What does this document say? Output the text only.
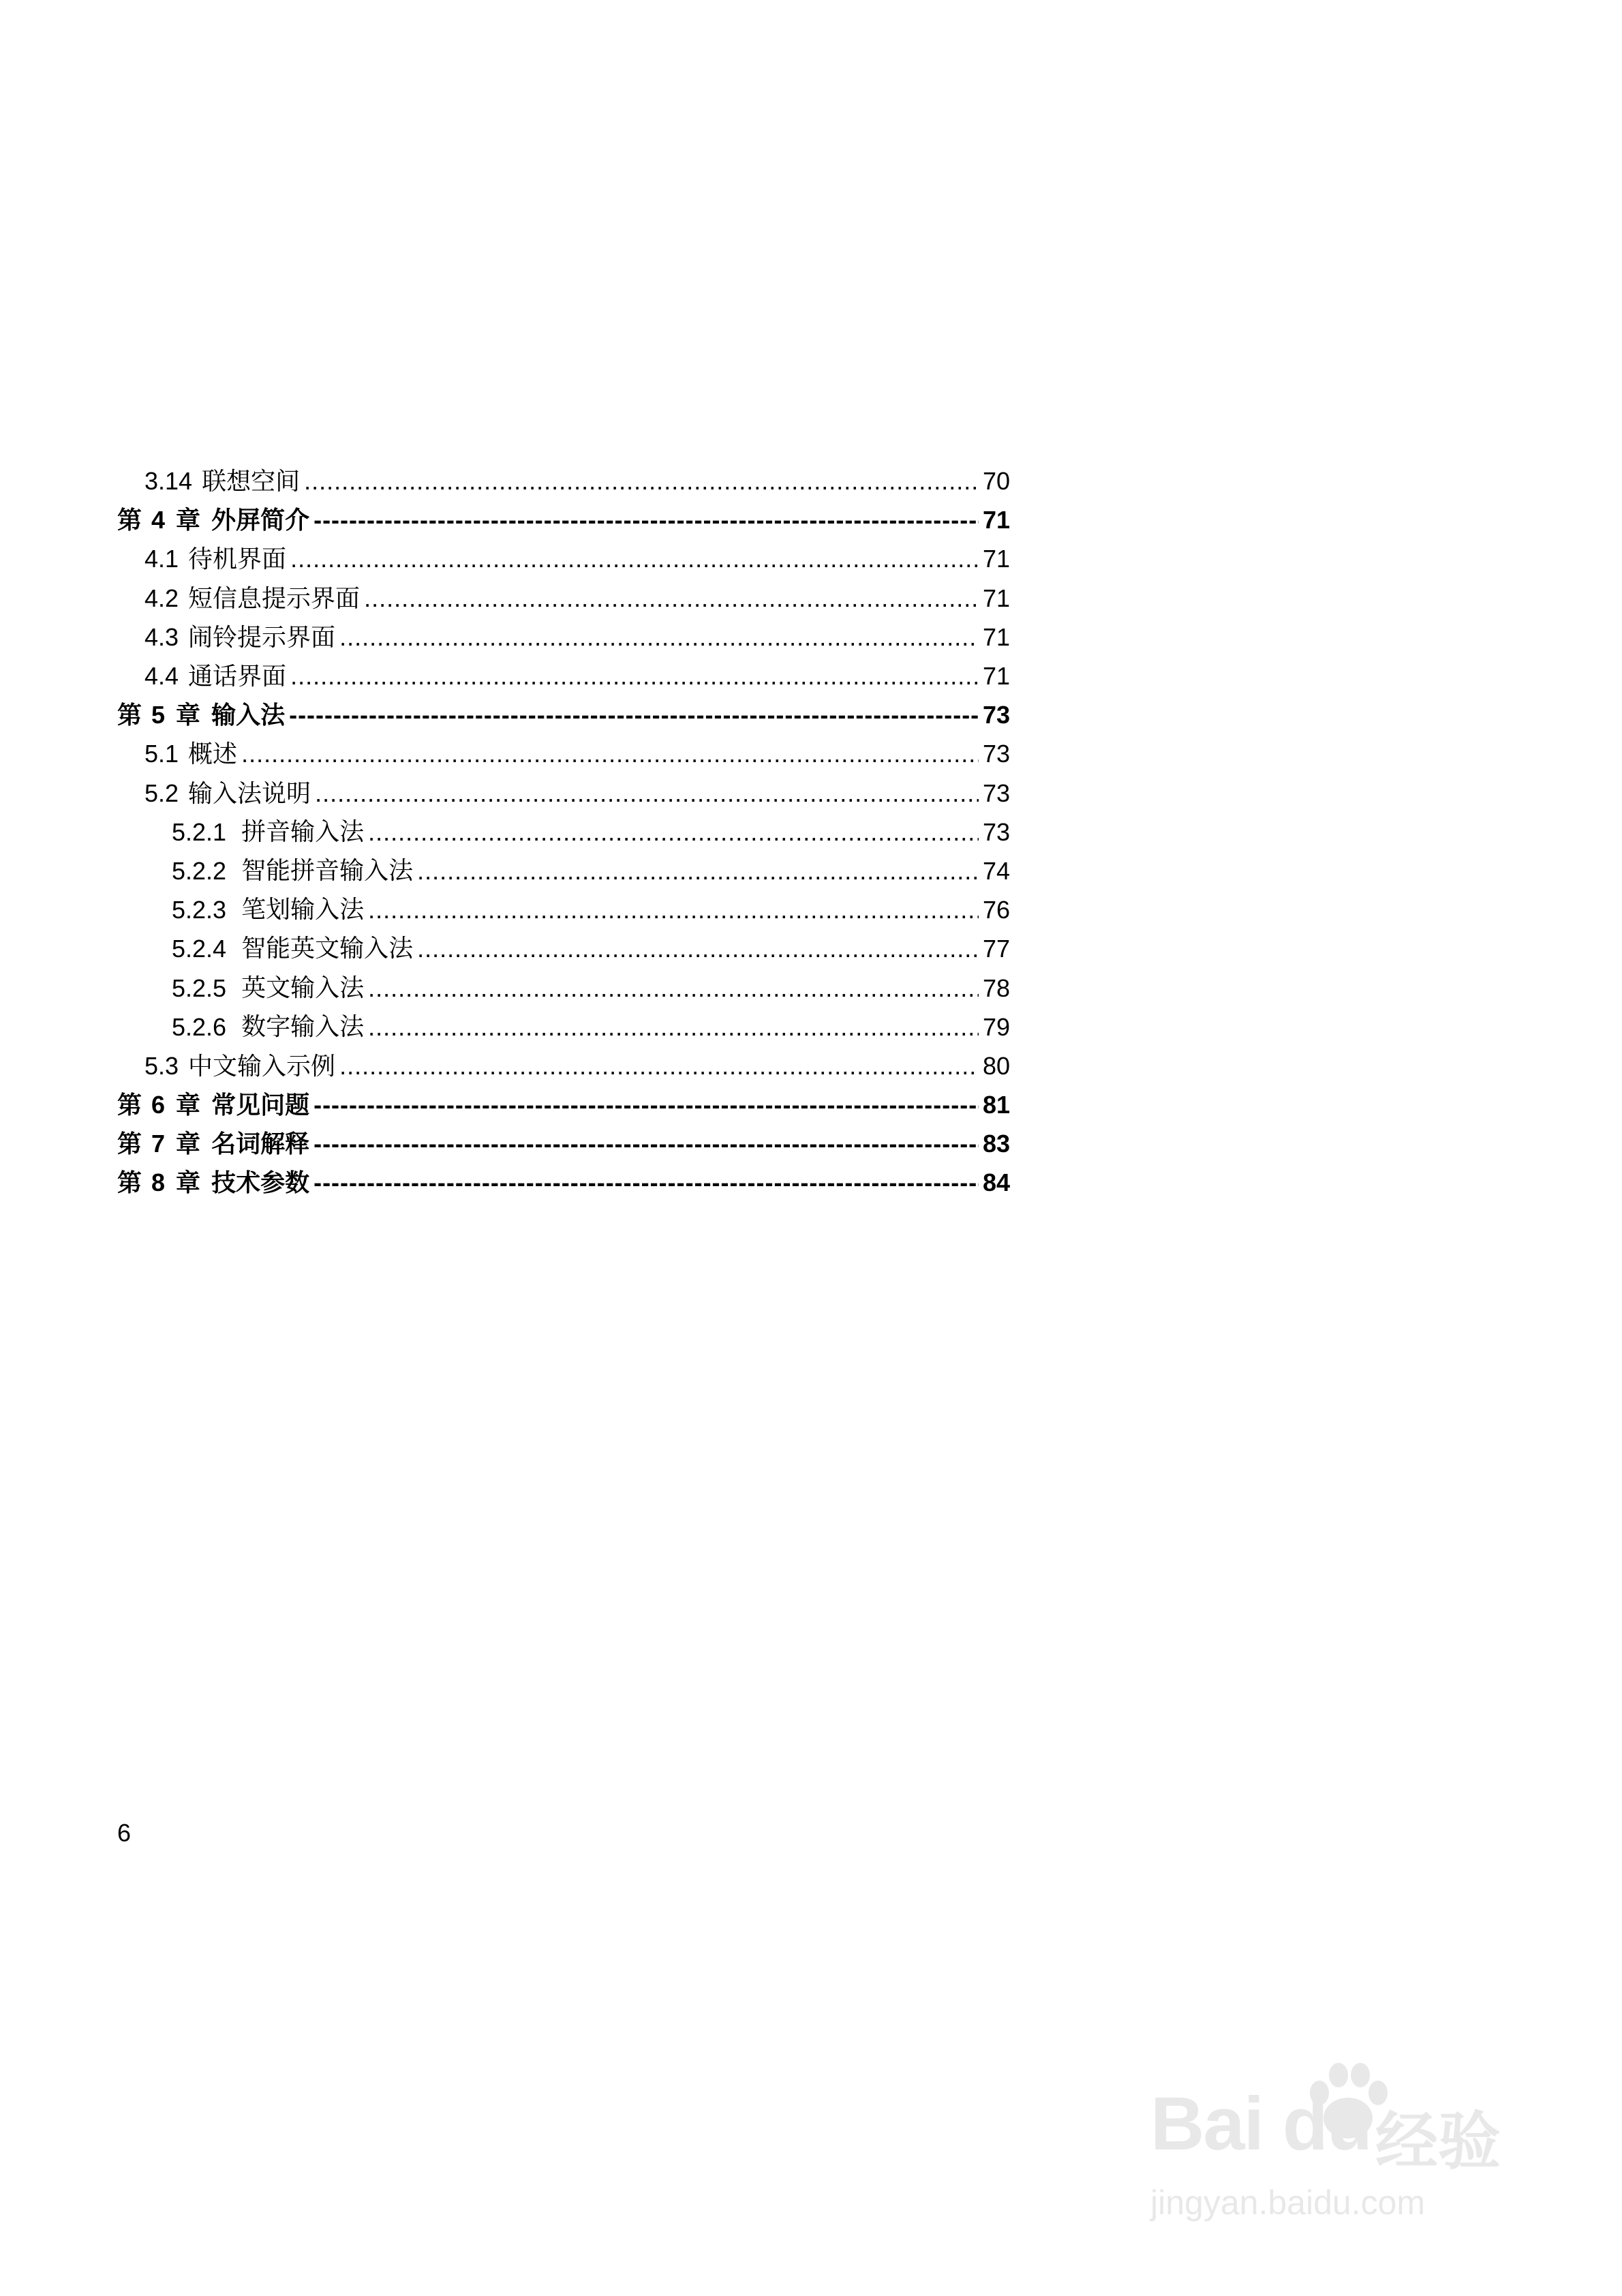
3.14 联想空间 .....	70
第 4 章 外屏简介 -----	71
4.1 待机界面 .....	71
4.2 短信息提示界面 .....	71
4.3 闹铃提示界面 .....	71
4.4 通话界面 .....	71
第 5 章 输入法 -----	73
5.1 概述 .....	73
5.2 输入法说明 .....	73
5.2.1 拼音输入法 .....	73
5.2.2 智能拼音输入法 .....	74
5.2.3 笔划输入法 .....	76
5.2.4 智能英文输入法 .....	77
5.2.5 英文输入法 .....	78
5.2.6 数字输入法 .....	79
5.3 中文输入示例 .....	80
第 6 章 常见问题 -----	81
第 7 章 名词解释 -----	83
第 8 章 技术参数 -----	84
6
Bai du 经验
jingyan.baidu.com
